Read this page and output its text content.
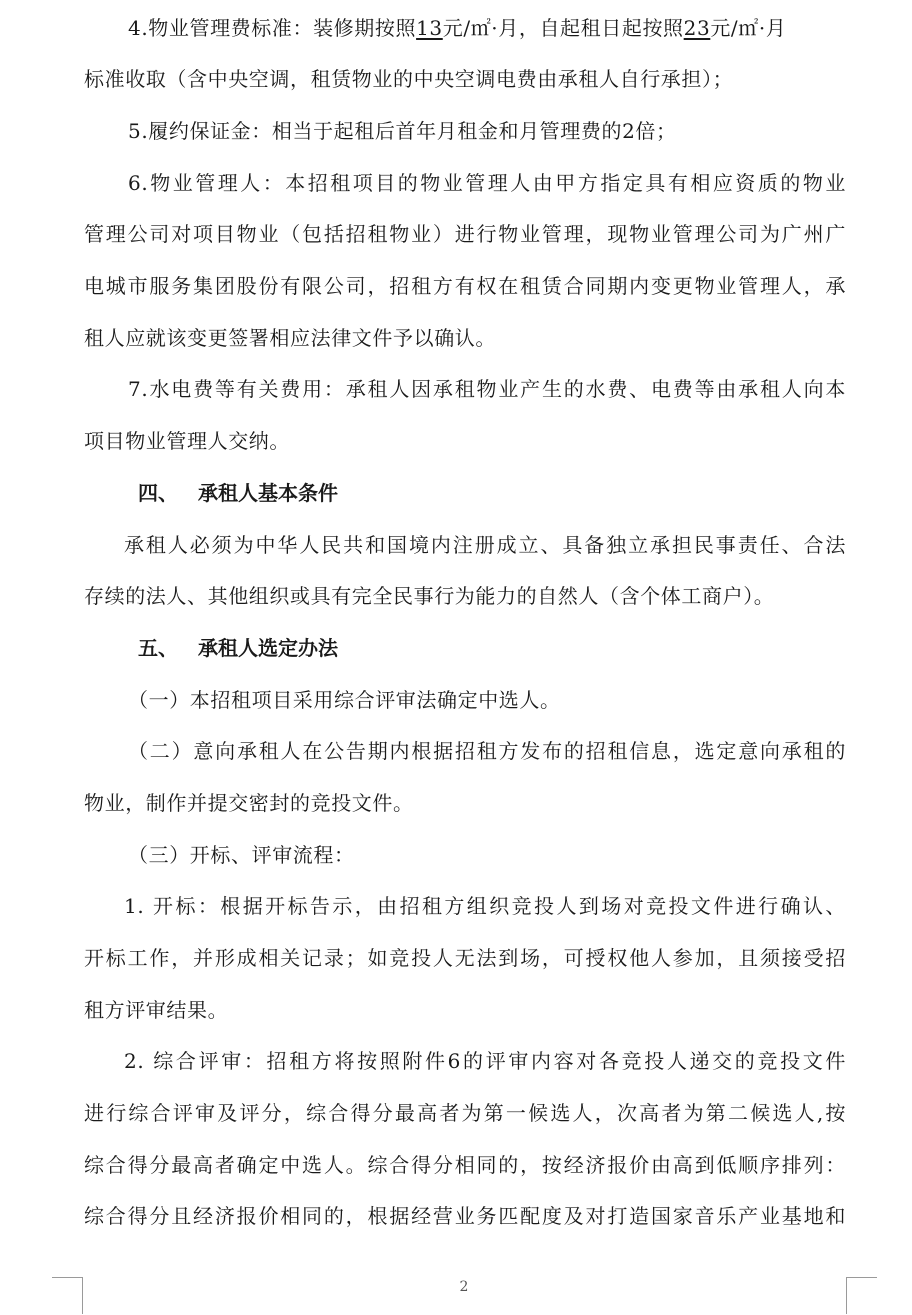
4.物业管理费标准：装修期按照13元/㎡·月，自起租日起按照23元/㎡·月
标准收取（含中央空调，租赁物业的中央空调电费由承租人自行承担）；
5.履约保证金：相当于起租后首年月租金和月管理费的2倍；
6.物业管理人：本招租项目的物业管理人由甲方指定具有相应资质的物业
管理公司对项目物业（包括招租物业）进行物业管理，现物业管理公司为广州广
电城市服务集团股份有限公司，招租方有权在租赁合同期内变更物业管理人，承
租人应就该变更签署相应法律文件予以确认。
7.水电费等有关费用：承租人因承租物业产生的水费、电费等由承租人向本
项目物业管理人交纳。
四、 承租人基本条件
承租人必须为中华人民共和国境内注册成立、具备独立承担民事责任、合法
存续的法人、其他组织或具有完全民事行为能力的自然人（含个体工商户）。
五、 承租人选定办法
（一）本招租项目采用综合评审法确定中选人。
（二）意向承租人在公告期内根据招租方发布的招租信息，选定意向承租的
物业，制作并提交密封的竞投文件。
（三）开标、评审流程：
1. 开标：根据开标告示，由招租方组织竞投人到场对竞投文件进行确认、
开标工作，并形成相关记录；如竞投人无法到场，可授权他人参加，且须接受招
租方评审结果。
2. 综合评审：招租方将按照附件6的评审内容对各竞投人递交的竞投文件
进行综合评审及评分，综合得分最高者为第一候选人，次高者为第二候选人,按
综合得分最高者确定中选人。综合得分相同的，按经济报价由高到低顺序排列：
综合得分且经济报价相同的，根据经营业务匹配度及对打造国家音乐产业基地和
2
